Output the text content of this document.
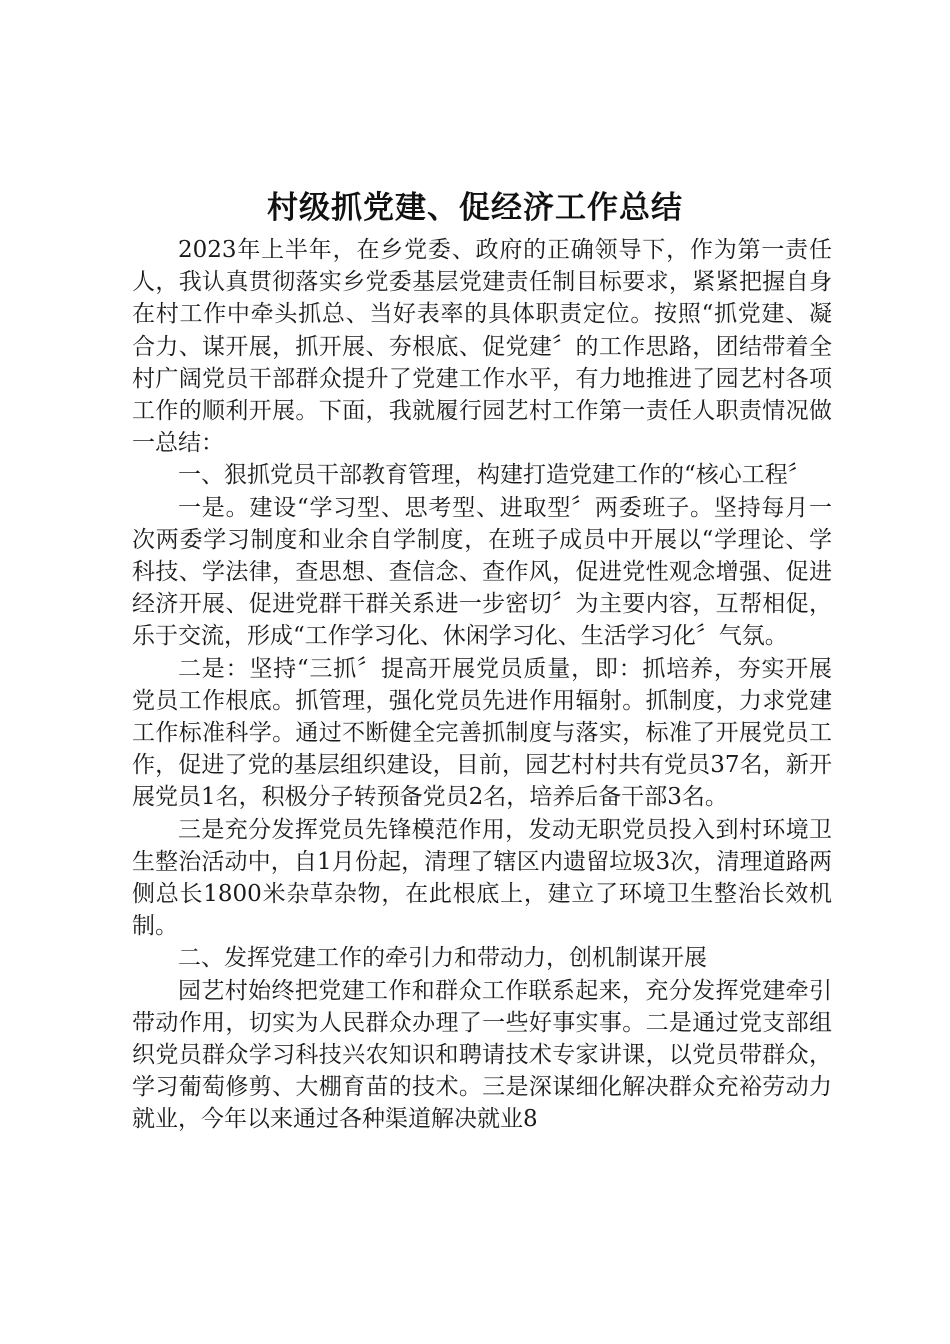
村级抓党建、促经济工作总结

2023年上半年，在乡党委、政府的正确领导下，作为第一责任人，我认真贯彻落实乡党委基层党建责任制目标要求，紧紧把握自身在村工作中牵头抓总、当好表率的具体职责定位。按照“抓党建、凝合力、谋开展，抓开展、夯根底、促党建〞的工作思路，团结带着全村广阔党员干部群众提升了党建工作水平，有力地推进了园艺村各项工作的顺利开展。下面，我就履行园艺村工作第一责任人职责情况做一总结：

一、狠抓党员干部教育管理，构建打造党建工作的“核心工程〞

一是。建设“学习型、思考型、进取型〞两委班子。坚持每月一次两委学习制度和业余自学制度，在班子成员中开展以“学理论、学科技、学法律，查思想、查信念、查作风，促进党性观念增强、促进经济开展、促进党群干群关系进一步密切〞为主要内容，互帮相促，乐于交流，形成“工作学习化、休闲学习化、生活学习化〞气氛。

二是：坚持“三抓〞提高开展党员质量，即：抓培养，夯实开展党员工作根底。抓管理，强化党员先进作用辐射。抓制度，力求党建工作标准科学。通过不断健全完善抓制度与落实，标准了开展党员工作，促进了党的基层组织建设，目前，园艺村村共有党员37名，新开展党员1名，积极分子转预备党员2名，培养后备干部3名。

三是充分发挥党员先锋模范作用，发动无职党员投入到村环境卫生整治活动中，自1月份起，清理了辖区内遗留垃圾3次，清理道路两侧总长1800米杂草杂物，在此根底上，建立了环境卫生整治长效机制。

二、发挥党建工作的牵引力和带动力，创机制谋开展

园艺村始终把党建工作和群众工作联系起来，充分发挥党建牵引带动作用，切实为人民群众办理了一些好事实事。二是通过党支部组织党员群众学习科技兴农知识和聘请技术专家讲课，以党员带群众，学习葡萄修剪、大棚育苗的技术。三是深谋细化解决群众充裕劳动力就业，今年以来通过各种渠道解决就业8
